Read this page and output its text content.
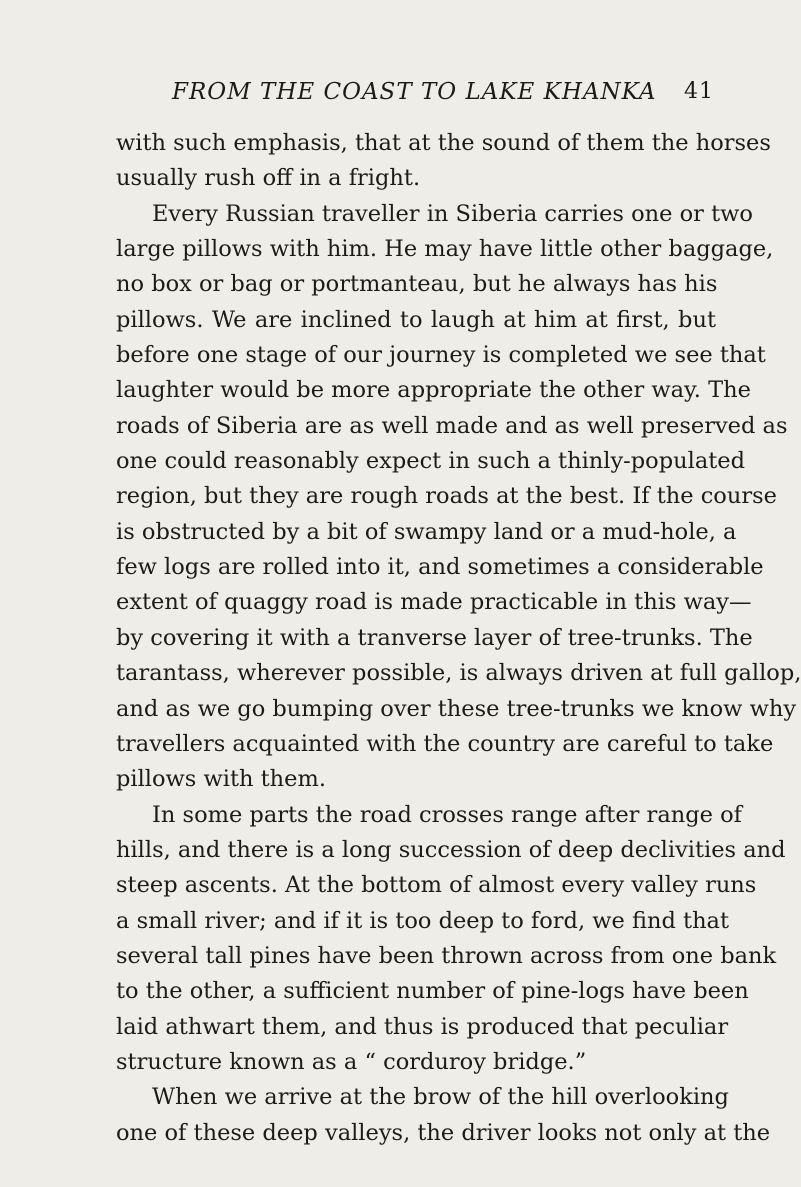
FROM THE COAST TO LAKE KHANKA 41
with such emphasis, that at the sound of them the horses
usually rush off in a fright.
Every Russian traveller in Siberia carries one or two
large pillows with him. He may have little other baggage,
no box or bag or portmanteau, but he always has his
pillows. We are inclined to laugh at him at first, but
before one stage of our journey is completed we see that
laughter would be more appropriate the other way. The
roads of Siberia are as well made and as well preserved as
one could reasonably expect in such a thinly-populated
region, but they are rough roads at the best. If the course
is obstructed by a bit of swampy land or a mud-hole, a
few logs are rolled into it, and sometimes a considerable
extent of quaggy road is made practicable in this way—
by covering it with a tranverse layer of tree-trunks. The
tarantass, wherever possible, is always driven at full gallop,
and as we go bumping over these tree-trunks we know why
travellers acquainted with the country are careful to take
pillows with them.
In some parts the road crosses range after range of
hills, and there is a long succession of deep declivities and
steep ascents. At the bottom of almost every valley runs
a small river; and if it is too deep to ford, we find that
several tall pines have been thrown across from one bank
to the other, a sufficient number of pine-logs have been
laid athwart them, and thus is produced that peculiar
structure known as a “ corduroy bridge.”
When we arrive at the brow of the hill overlooking
one of these deep valleys, the driver looks not only at the
